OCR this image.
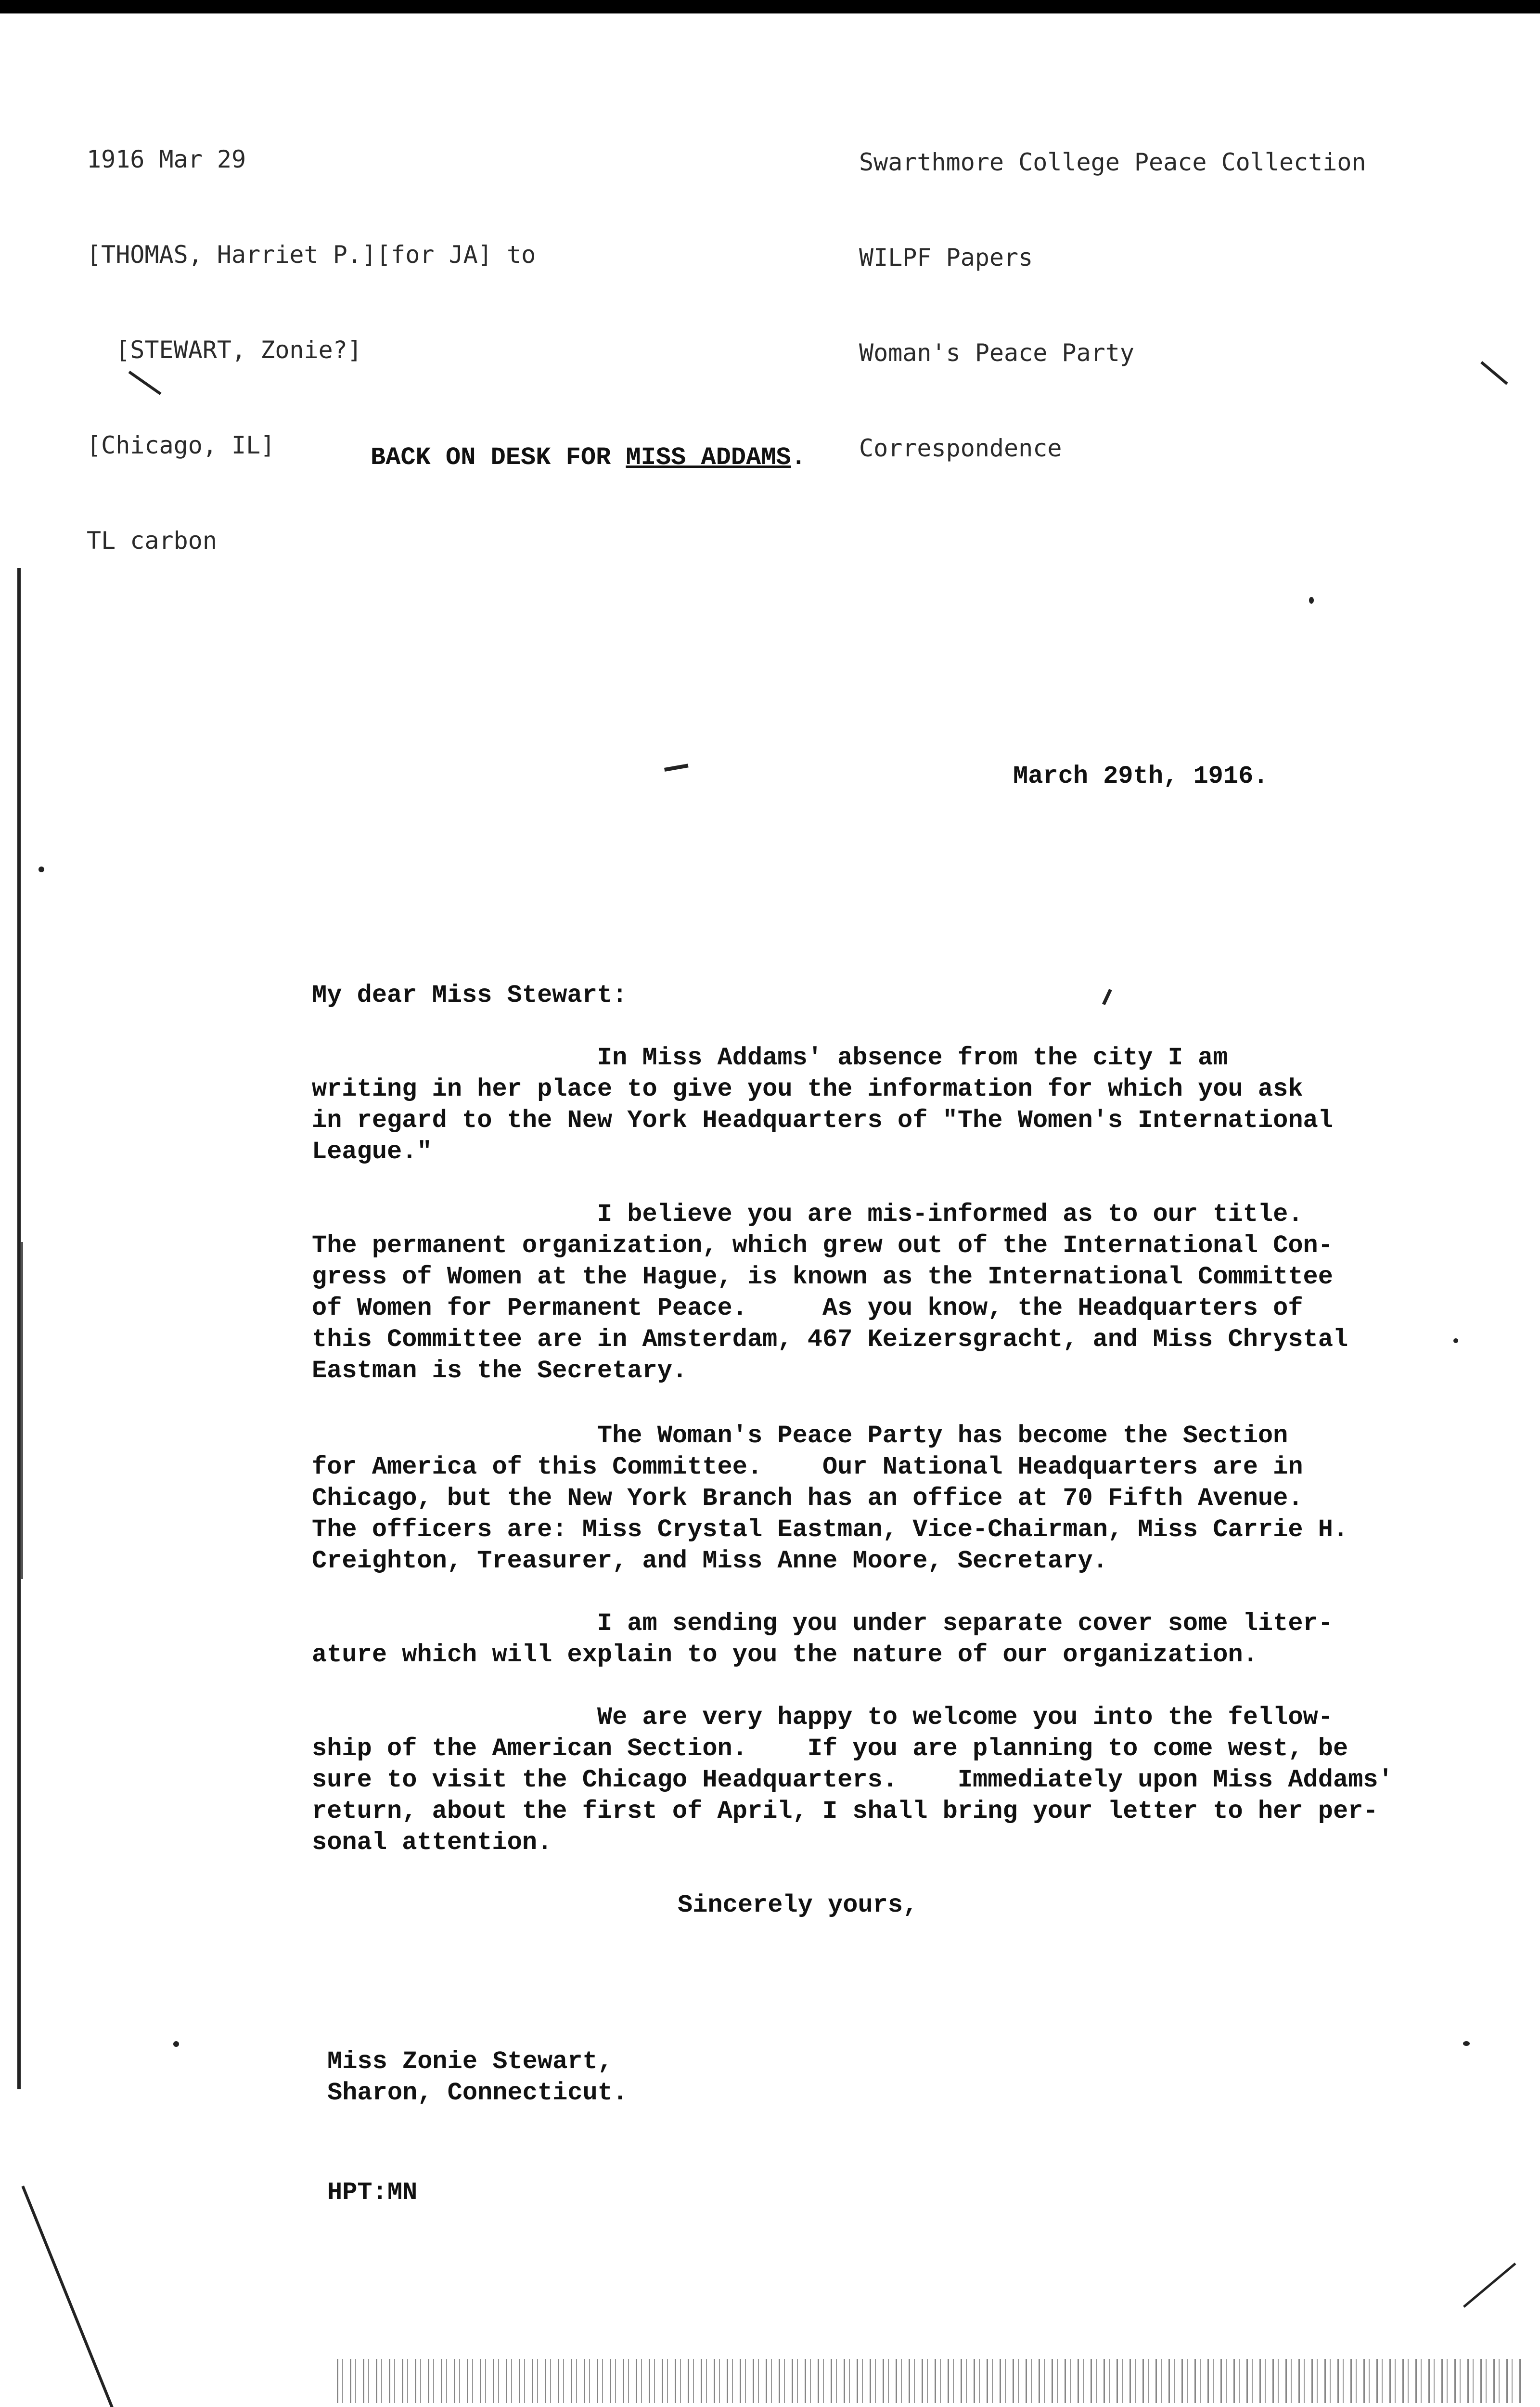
1916 Mar 29

[THOMAS, Harriet P.][for JA] to

[STEWART, Zonie?]

[Chicago, IL]

TL carbon

Swarthmore College Peace Collection

WILPF Papers

Woman's Peace Party

Correspondence

BACK ON DESK FOR MISS ADDAMS.
March 29th, 1916.
My dear Miss Stewart:
In Miss Addams' absence from the city I am
writing in her place to give you the information for which you ask
in regard to the New York Headquarters of "The Women's International
League."
I believe you are mis-informed as to our title.
The permanent organization, which grew out of the International Con-
gress of Women at the Hague, is known as the International Committee
of Women for Permanent Peace.     As you know, the Headquarters of
this Committee are in Amsterdam, 467 Keizersgracht, and Miss Chrystal
Eastman is the Secretary.
The Woman's Peace Party has become the Section
for America of this Committee.    Our National Headquarters are in
Chicago, but the New York Branch has an office at 70 Fifth Avenue.
The officers are: Miss Crystal Eastman, Vice-Chairman, Miss Carrie H.
Creighton, Treasurer, and Miss Anne Moore, Secretary.
I am sending you under separate cover some liter-
ature which will explain to you the nature of our organization.
We are very happy to welcome you into the fellow-
ship of the American Section.    If you are planning to come west, be
sure to visit the Chicago Headquarters.    Immediately upon Miss Addams'
return, about the first of April, I shall bring your letter to her per-
sonal attention.
Sincerely yours,
Miss Zonie Stewart,
Sharon, Connecticut.
HPT:MN
